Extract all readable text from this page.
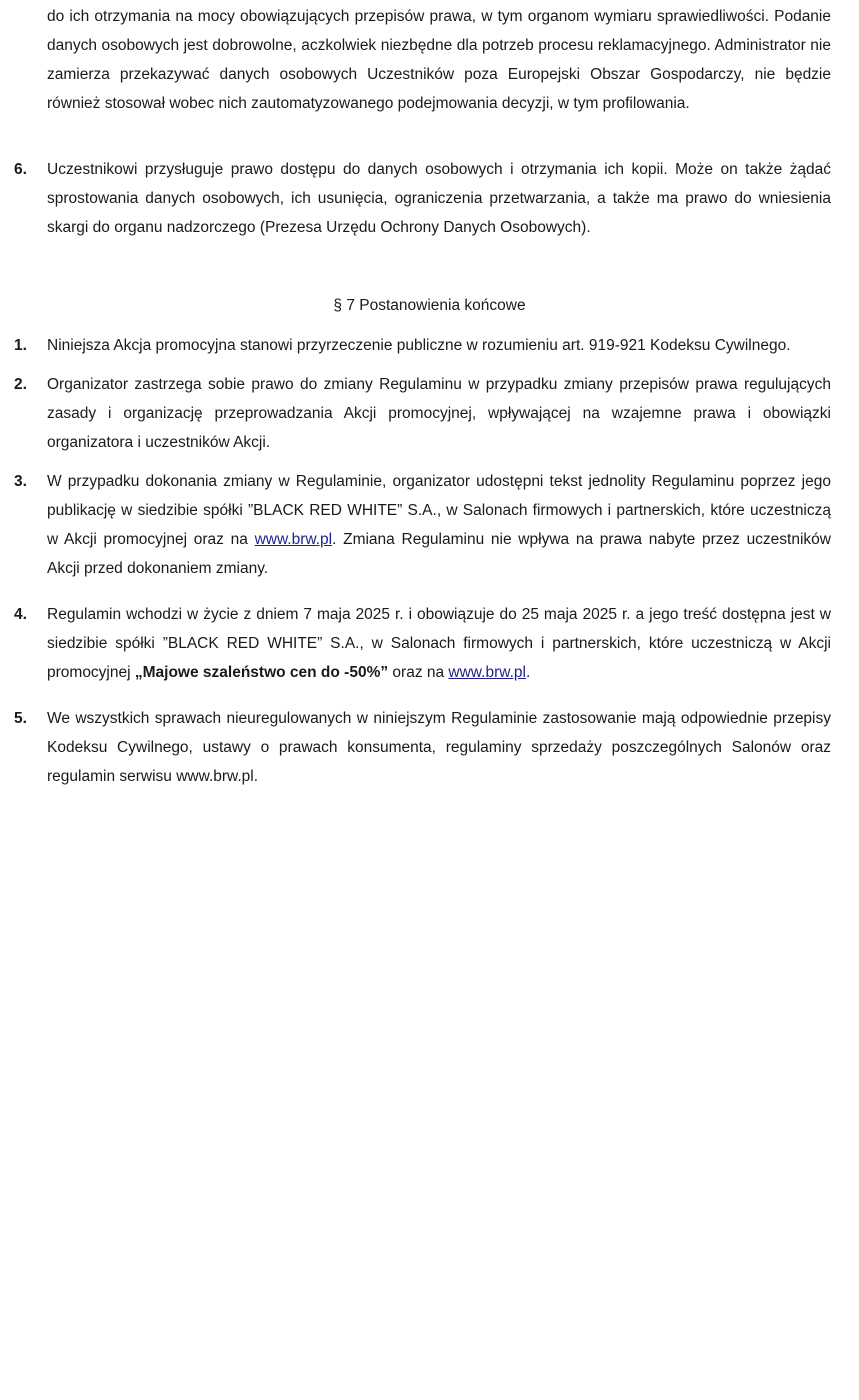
do ich otrzymania na mocy obowiązujących przepisów prawa, w tym organom wymiaru sprawiedliwości. Podanie danych osobowych jest dobrowolne, aczkolwiek niezbędne dla potrzeb procesu reklamacyjnego. Administrator nie zamierza przekazywać danych osobowych Uczestników poza Europejski Obszar Gospodarczy, nie będzie również stosował wobec nich zautomatyzowanego podejmowania decyzji, w tym profilowania.
6. Uczestnikowi przysługuje prawo dostępu do danych osobowych i otrzymania ich kopii. Może on także żądać sprostowania danych osobowych, ich usunięcia, ograniczenia przetwarzania, a także ma prawo do wniesienia skargi do organu nadzorczego (Prezesa Urzędu Ochrony Danych Osobowych).
§ 7 Postanowienia końcowe
1. Niniejsza Akcja promocyjna stanowi przyrzeczenie publiczne w rozumieniu art. 919-921 Kodeksu Cywilnego.
2. Organizator zastrzega sobie prawo do zmiany Regulaminu w przypadku zmiany przepisów prawa regulujących zasady i organizację przeprowadzania Akcji promocyjnej, wpływającej na wzajemne prawa i obowiązki organizatora i uczestników Akcji.
3. W przypadku dokonania zmiany w Regulaminie, organizator udostępni tekst jednolity Regulaminu poprzez jego publikację w siedzibie spółki ”BLACK RED WHITE” S.A., w Salonach firmowych i partnerskich, które uczestniczą w Akcji promocyjnej oraz na www.brw.pl. Zmiana Regulaminu nie wpływa na prawa nabyte przez uczestników Akcji przed dokonaniem zmiany.
4. Regulamin wchodzi w życie z dniem 7 maja 2025 r. i obowiązuje do 25 maja 2025 r. a jego treść dostępna jest w siedzibie spółki ”BLACK RED WHITE” S.A., w Salonach firmowych i partnerskich, które uczestniczą w Akcji promocyjnej „Majowe szaleństwo cen do -50%” oraz na www.brw.pl.
5. We wszystkich sprawach nieuregulowanych w niniejszym Regulaminie zastosowanie mają odpowiednie przepisy Kodeksu Cywilnego, ustawy o prawach konsumenta, regulaminy sprzedaży poszczególnych Salonów oraz regulamin serwisu www.brw.pl.
